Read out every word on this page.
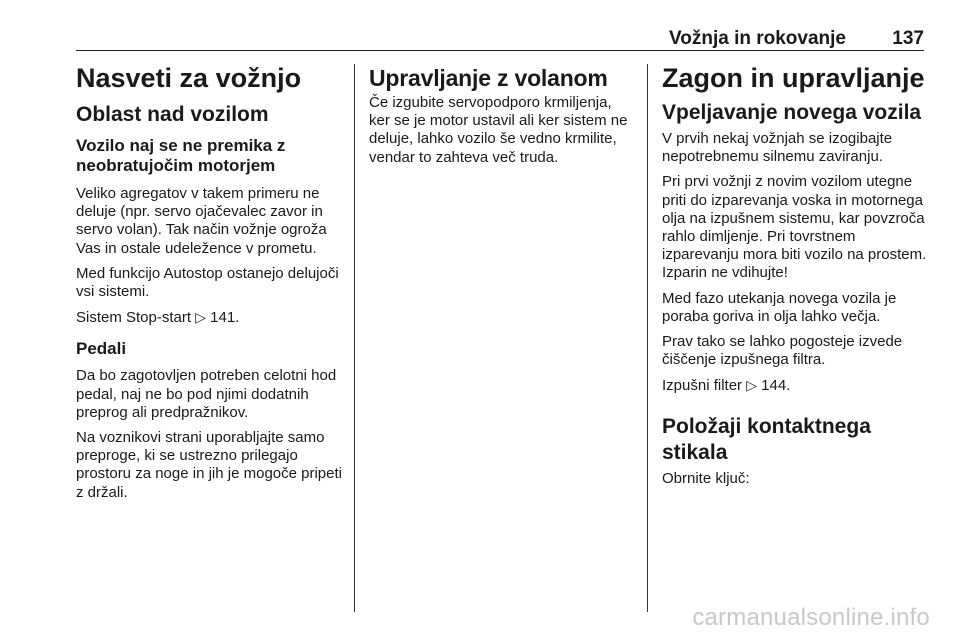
Vožnja in rokovanje 137
Nasveti za vožnjo
Oblast nad vozilom
Vozilo naj se ne premika z neobratujočim motorjem

Veliko agregatov v takem primeru ne deluje (npr. servo ojačevalec zavor in servo volan). Tak način vožnje ogroža Vas in ostale udeležence v prometu.

Med funkcijo Autostop ostanejo delujoči vsi sistemi.

Sistem Stop-start ▷ 141.

Pedali

Da bo zagotovljen potreben celotni hod pedal, naj ne bo pod njimi dodatnih preprog ali predpražnikov.

Na voznikovi strani uporabljajte samo preproge, ki se ustrezno prilegajo prostoru za noge in jih je mogoče pripeti z držali.

Upravljanje z volanom

Če izgubite servopodporo krmiljenja, ker se je motor ustavil ali ker sistem ne deluje, lahko vozilo še vedno krmilite, vendar to zahteva več truda.

Zagon in upravljanje
Vpeljavanje novega vozila

V prvih nekaj vožnjah se izogibajte nepotrebnemu silnemu zaviranju.

Pri prvi vožnji z novim vozilom utegne priti do izparevanja voska in motornega olja na izpušnem sistemu, kar povzroča rahlo dimljenje. Pri tovrstnem izparevanju mora biti vozilo na prostem. Izparin ne vdihujte!

Med fazo utekanja novega vozila je poraba goriva in olja lahko večja.

Prav tako se lahko pogosteje izvede čiščenje izpušnega filtra.

Izpušni filter ▷ 144.

Položaji kontaktnega stikala

Obrnite ključ:

carmanualsonline.info
